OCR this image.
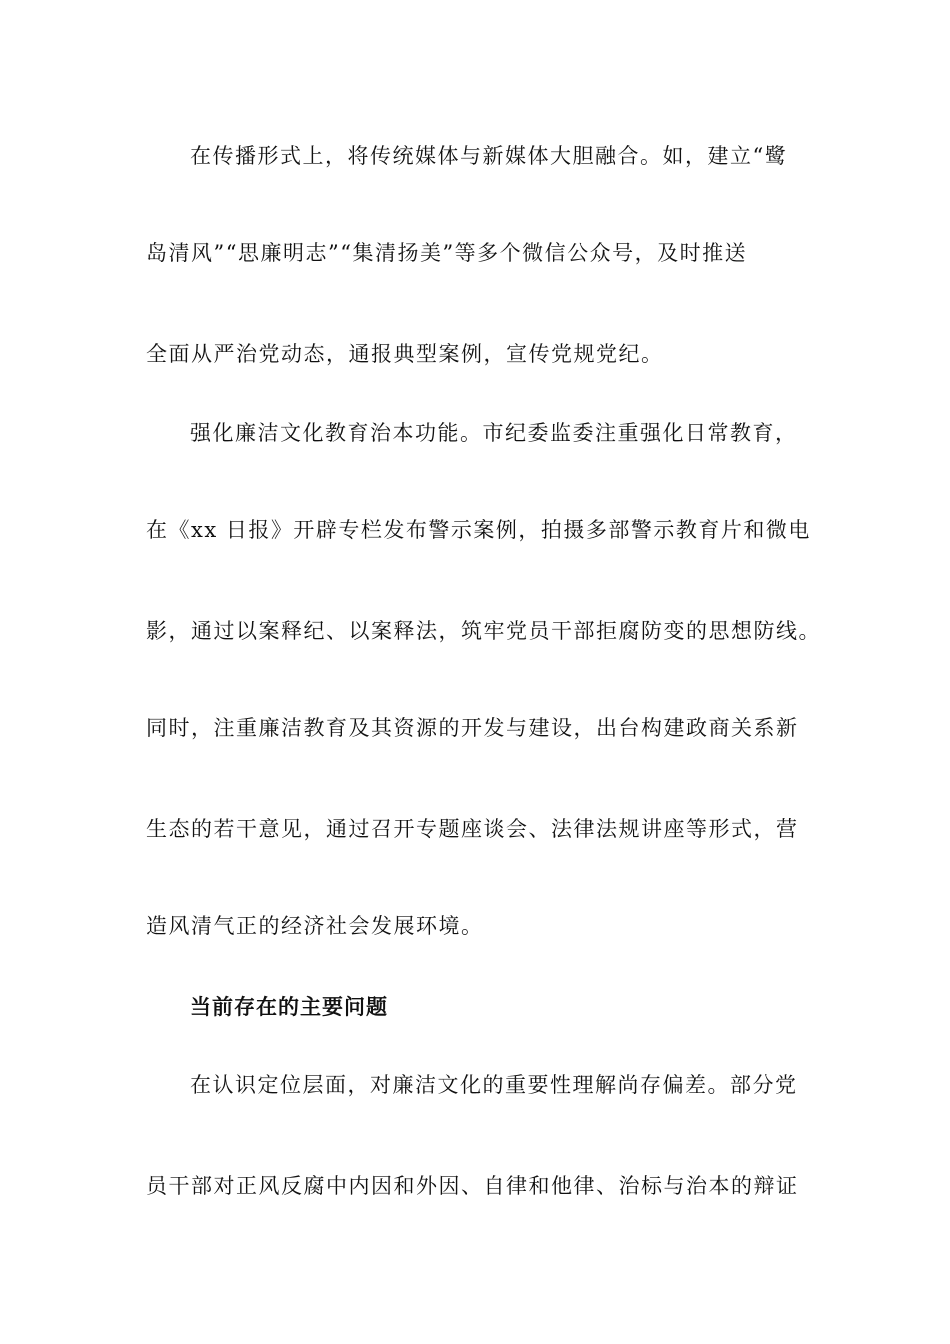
在传播形式上，将传统媒体与新媒体大胆融合。如，建立“鹭
岛清风”“思廉明志”“集清扬美”等多个微信公众号，及时推送
全面从严治党动态，通报典型案例，宣传党规党纪。
强化廉洁文化教育治本功能。市纪委监委注重强化日常教育，
在《xx 日报》开辟专栏发布警示案例，拍摄多部警示教育片和微电
影，通过以案释纪、以案释法，筑牢党员干部拒腐防变的思想防线。
同时，注重廉洁教育及其资源的开发与建设，出台构建政商关系新
生态的若干意见，通过召开专题座谈会、法律法规讲座等形式，营
造风清气正的经济社会发展环境。
当前存在的主要问题
在认识定位层面，对廉洁文化的重要性理解尚存偏差。部分党
员干部对正风反腐中内因和外因、自律和他律、治标与治本的辩证
